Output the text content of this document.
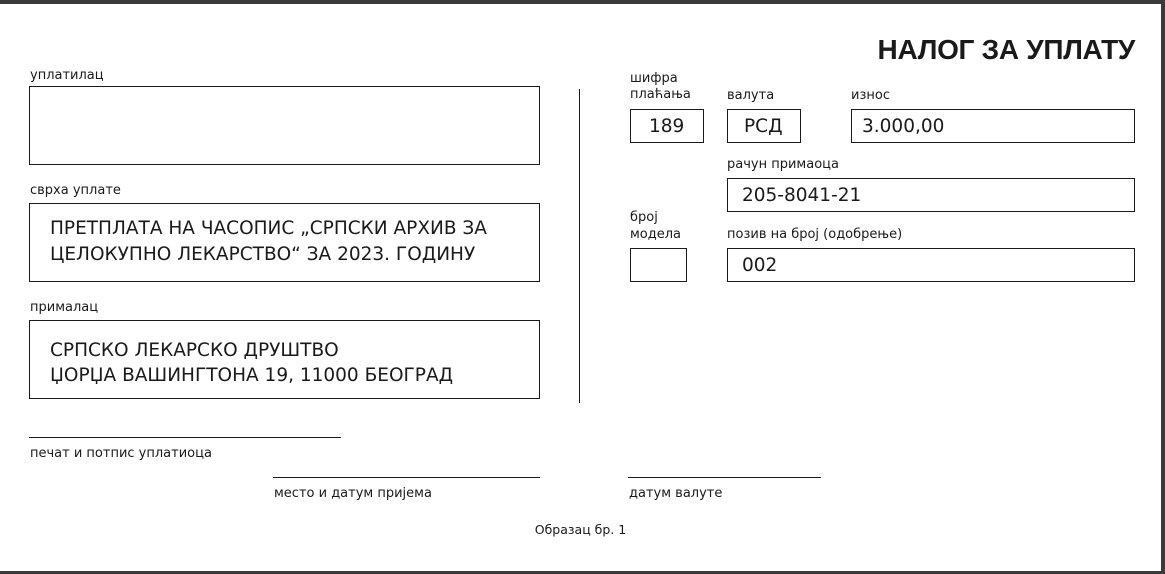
НАЛОГ ЗА УПЛАТУ
уплатилац
сврха уплате
ПРЕТПЛАТА НА ЧАСОПИС „СРПСКИ АРХИВ ЗА
ЦЕЛОКУПНО ЛЕКАРСТВО“ ЗА 2023. ГОДИНУ
прималац
СРПСКО ЛЕКАРСКО ДРУШТВО
ЏОРЏА ВАШИНГТОНА 19, 11000 БЕОГРАД
шифра
плаћања
189
валута
РСД
износ
3.000,00
рачун примаоца
205-8041-21
број
модела	позив на број (одобрење)
002
печат и потпис уплатиоца
место и датум пријема	датум валуте
Образац бр. 1
